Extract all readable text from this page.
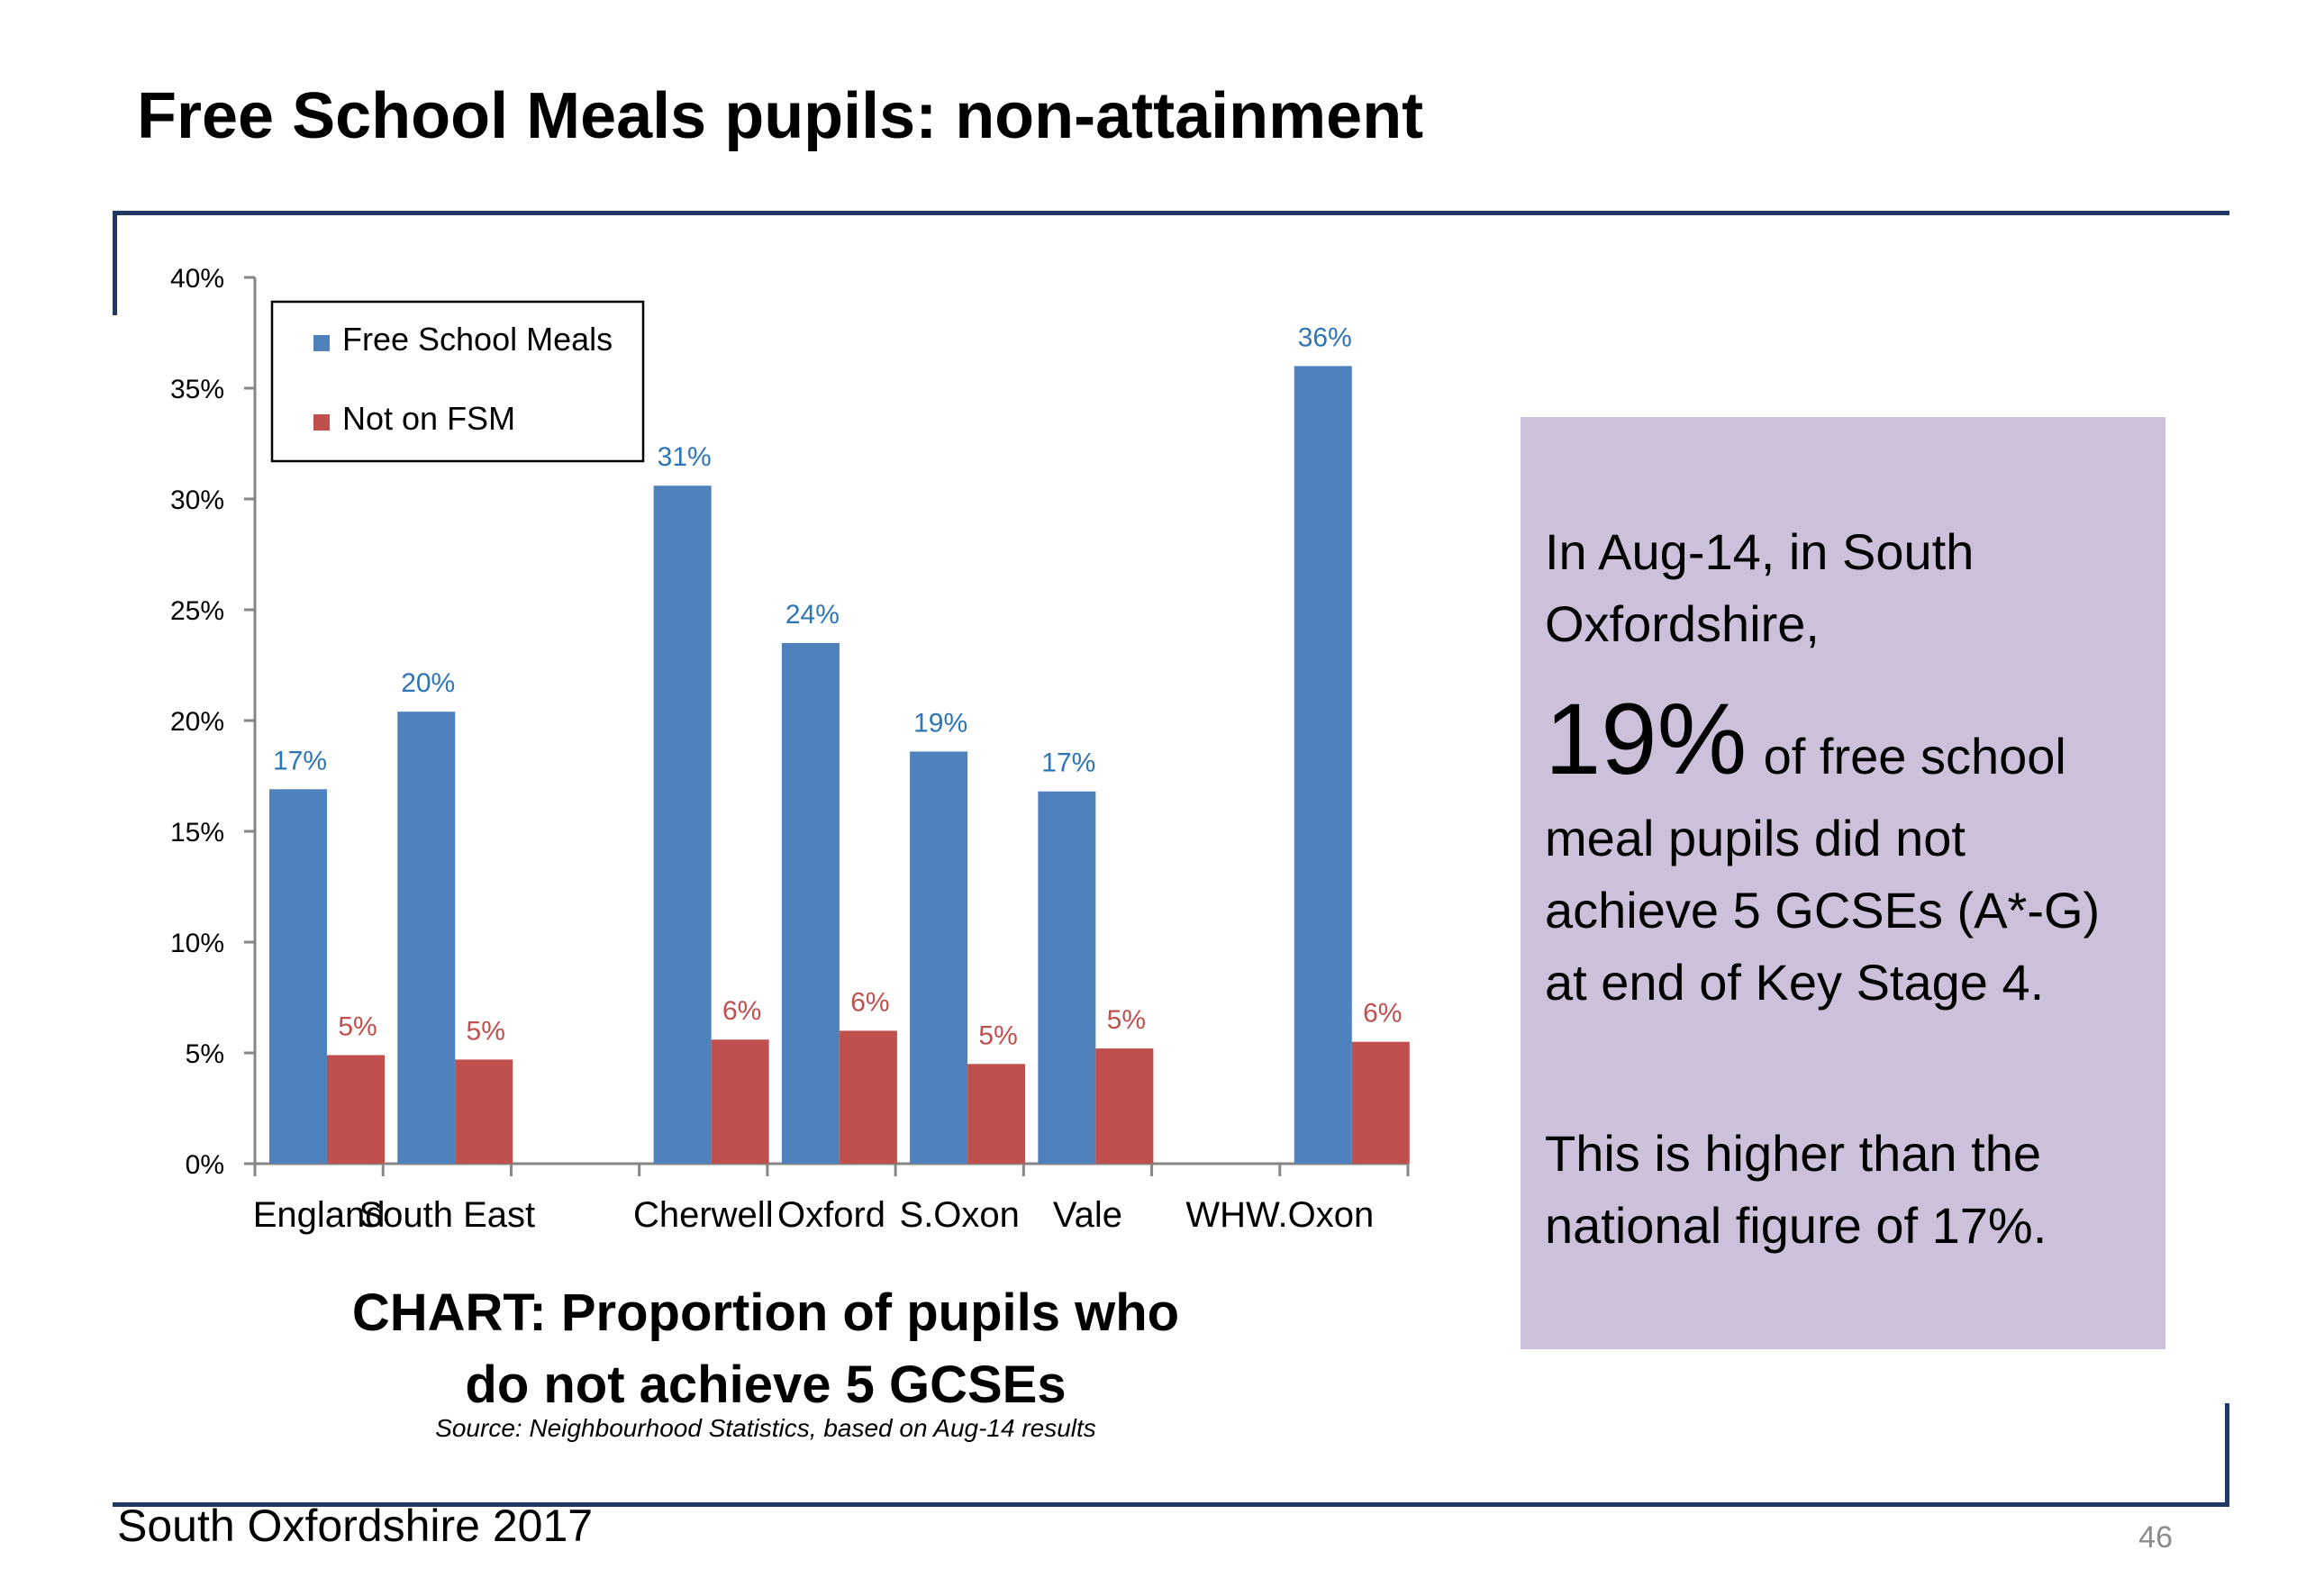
Free School Meals pupils: non-attainment
0%
5%
10%
15%
20%
25%
30%
35%
40%
17%
20%
31%
24%
19%
17%
36%
5%	5%
6%	6%
5%
5%	6%
England
South East	Cherwell Oxford S.Oxon Vale WHW.Oxon
Free School Meals
Not on FSM
CHART: Proportion of pupils who
do not achieve 5 GCSEs
Source: Neighbourhood Statistics, based on Aug-14 results
In Aug-14, in South
Oxfordshire,
19% of free school
meal pupils did not
achieve 5 GCSEs (A*-G)
at end of Key Stage 4.
This is higher than the
national figure of 17%.
South Oxfordshire 2017	46
